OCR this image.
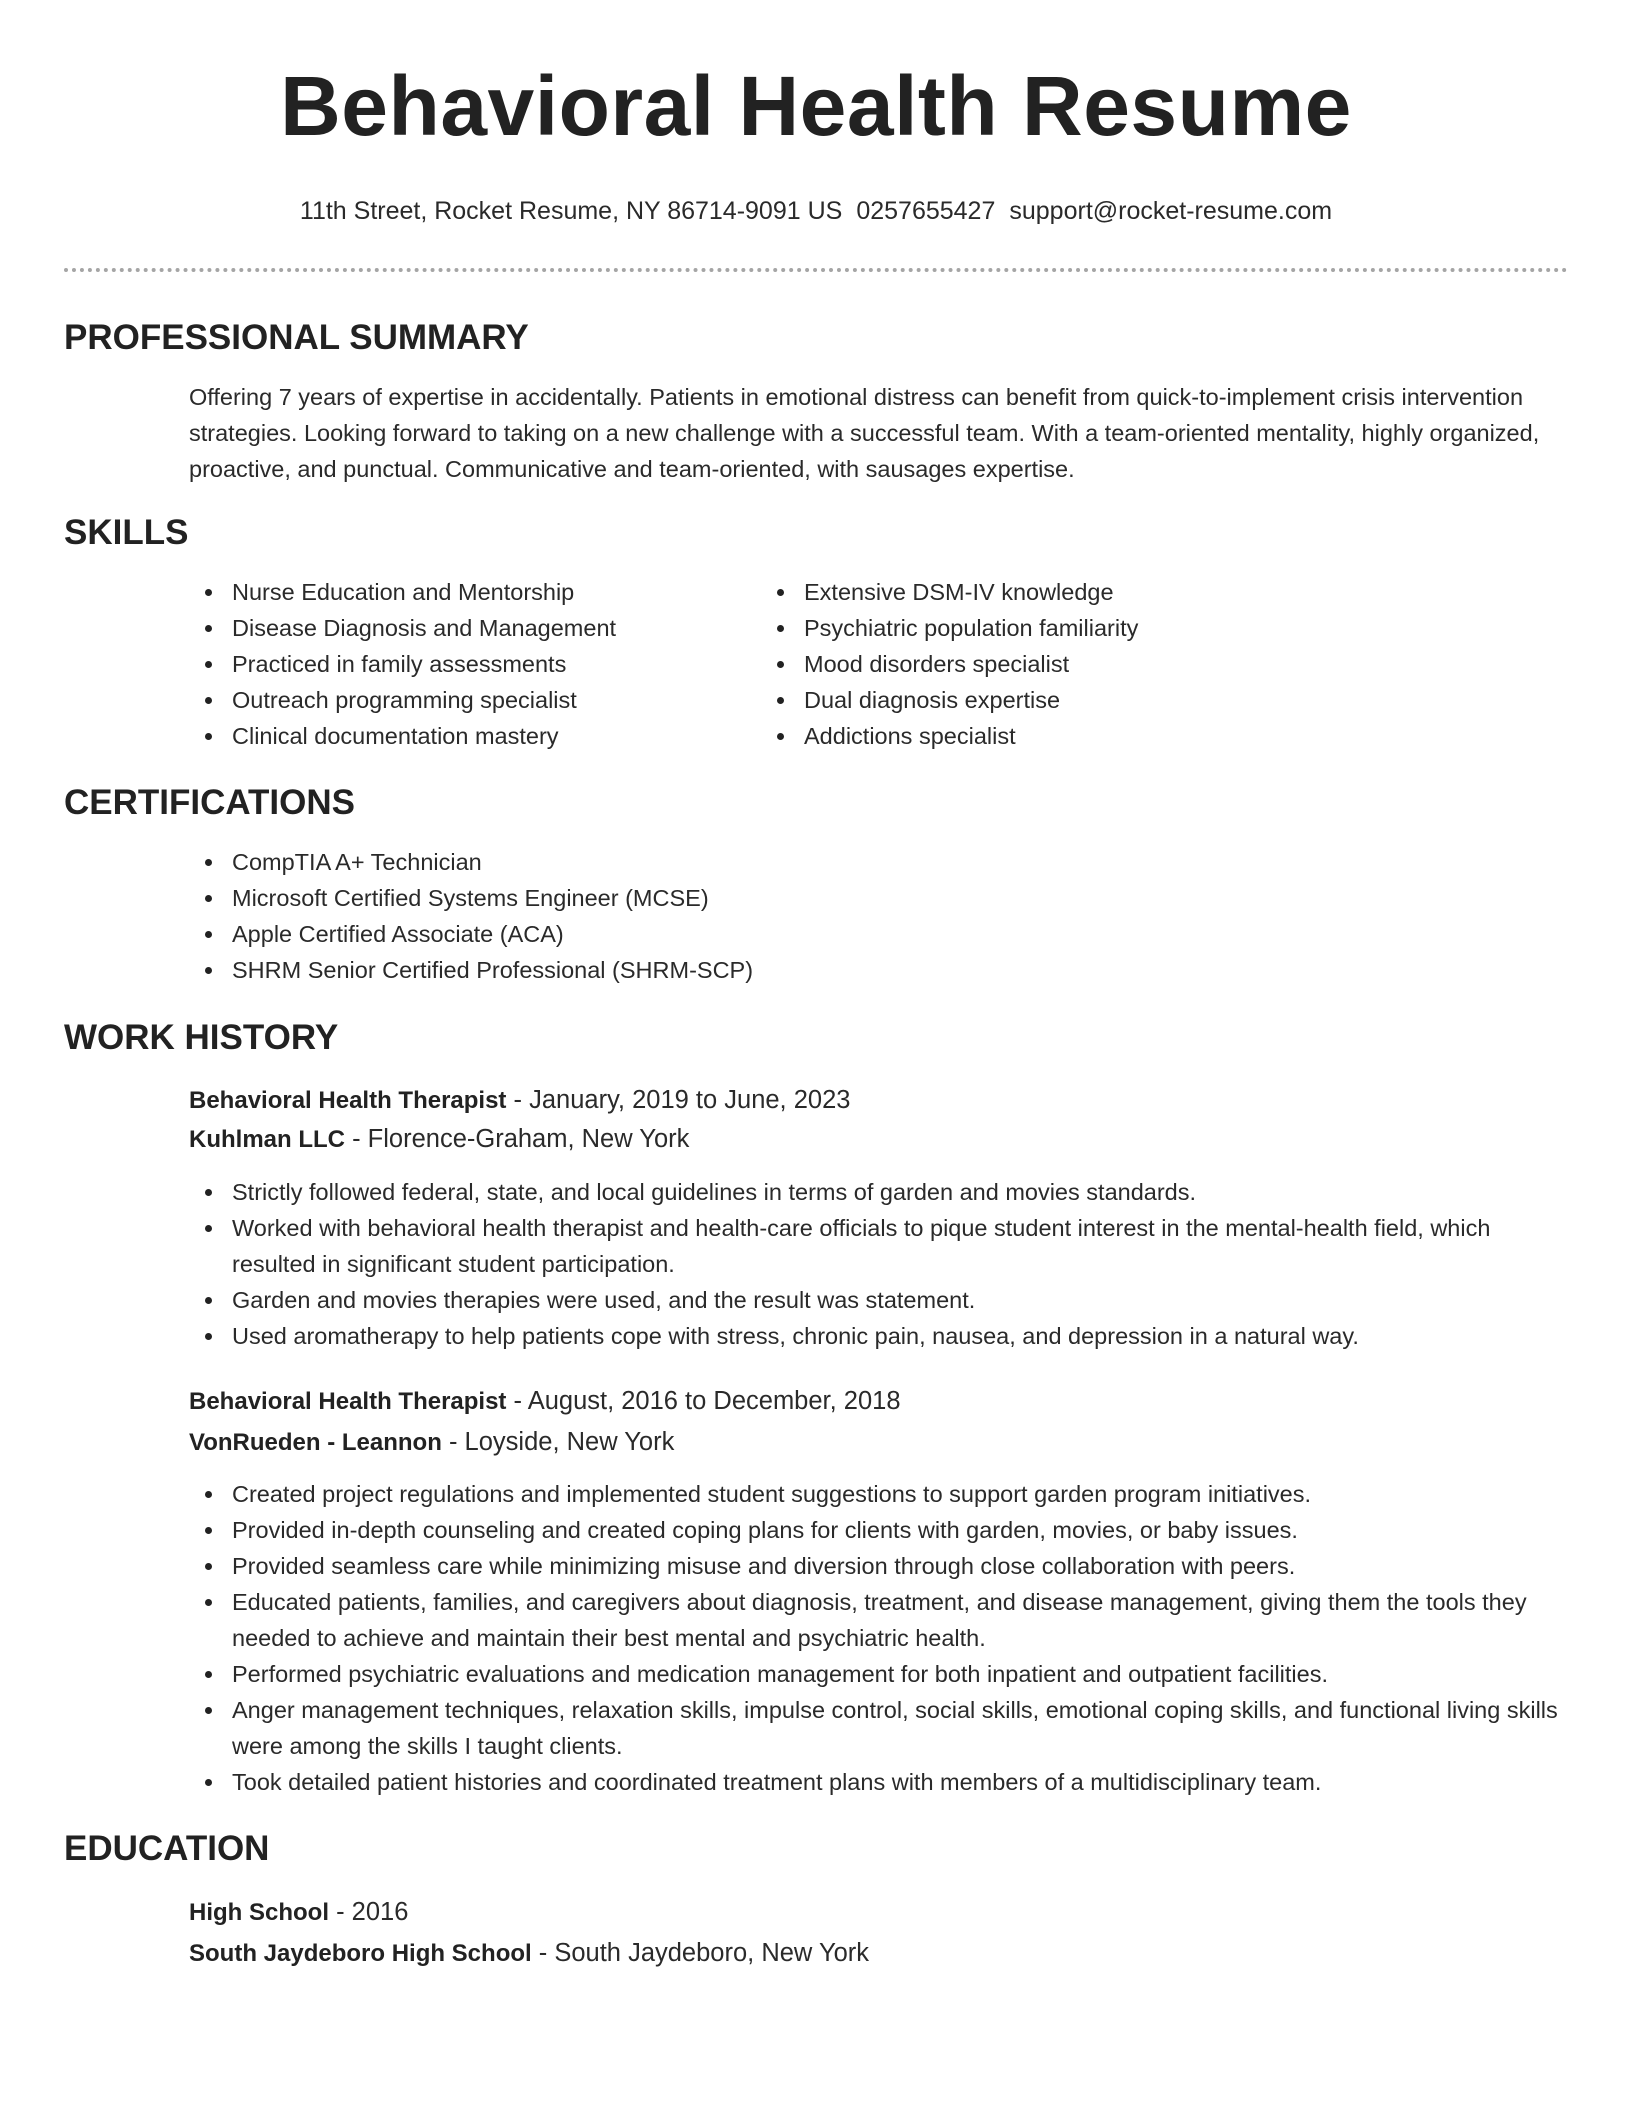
Behavioral Health Resume
11th Street, Rocket Resume, NY 86714-9091 US 0257655427 support@rocket-resume.com
PROFESSIONAL SUMMARY
Offering 7 years of expertise in accidentally. Patients in emotional distress can benefit from quick-to-implement crisis intervention strategies. Looking forward to taking on a new challenge with a successful team. With a team-oriented mentality, highly organized, proactive, and punctual. Communicative and team-oriented, with sausages expertise.
SKILLS
Nurse Education and Mentorship
Disease Diagnosis and Management
Practiced in family assessments
Outreach programming specialist
Clinical documentation mastery
Extensive DSM-IV knowledge
Psychiatric population familiarity
Mood disorders specialist
Dual diagnosis expertise
Addictions specialist
CERTIFICATIONS
CompTIA A+ Technician
Microsoft Certified Systems Engineer (MCSE)
Apple Certified Associate (ACA)
SHRM Senior Certified Professional (SHRM-SCP)
WORK HISTORY
Behavioral Health Therapist - January, 2019 to June, 2023
Kuhlman LLC - Florence-Graham, New York
Strictly followed federal, state, and local guidelines in terms of garden and movies standards.
Worked with behavioral health therapist and health-care officials to pique student interest in the mental-health field, which resulted in significant student participation.
Garden and movies therapies were used, and the result was statement.
Used aromatherapy to help patients cope with stress, chronic pain, nausea, and depression in a natural way.
Behavioral Health Therapist - August, 2016 to December, 2018
VonRueden - Leannon - Loyside, New York
Created project regulations and implemented student suggestions to support garden program initiatives.
Provided in-depth counseling and created coping plans for clients with garden, movies, or baby issues.
Provided seamless care while minimizing misuse and diversion through close collaboration with peers.
Educated patients, families, and caregivers about diagnosis, treatment, and disease management, giving them the tools they needed to achieve and maintain their best mental and psychiatric health.
Performed psychiatric evaluations and medication management for both inpatient and outpatient facilities.
Anger management techniques, relaxation skills, impulse control, social skills, emotional coping skills, and functional living skills were among the skills I taught clients.
Took detailed patient histories and coordinated treatment plans with members of a multidisciplinary team.
EDUCATION
High School - 2016
South Jaydeboro High School - South Jaydeboro, New York
